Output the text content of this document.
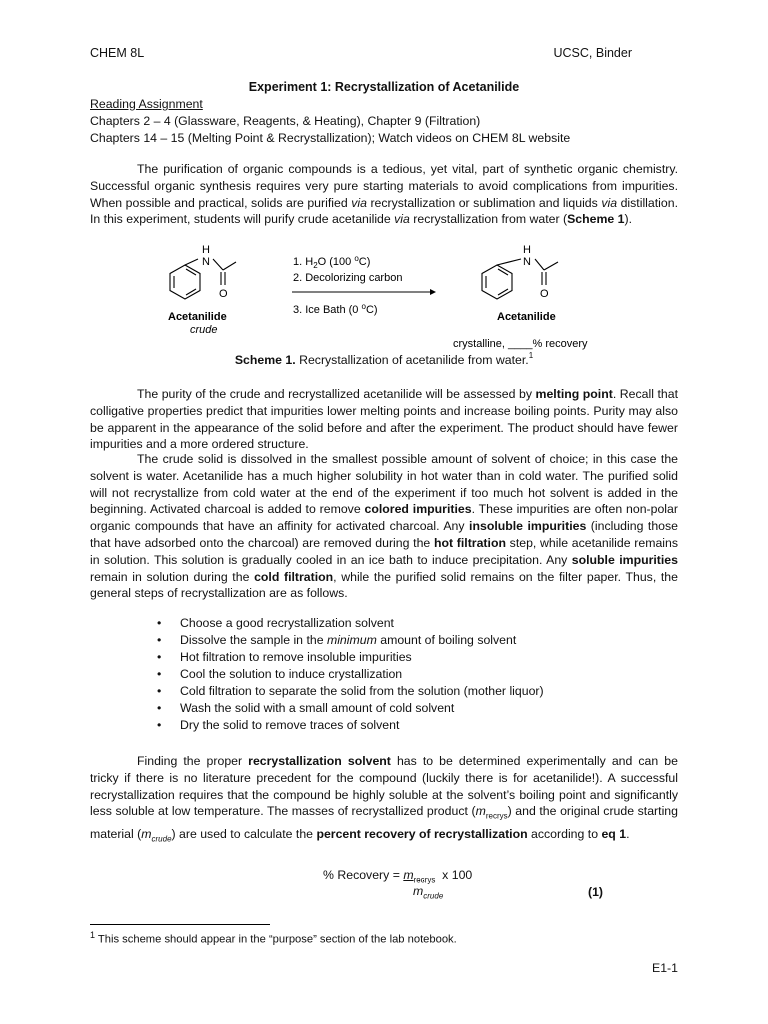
CHEM 8L	UCSC, Binder
Experiment 1: Recrystallization of Acetanilide
Reading Assignment
Chapters 2 – 4 (Glassware, Reagents, & Heating), Chapter 9 (Filtration)
Chapters 14 – 15 (Melting Point & Recrystallization); Watch videos on CHEM 8L website
The purification of organic compounds is a tedious, yet vital, part of synthetic organic chemistry. Successful organic synthesis requires very pure starting materials to avoid complications from impurities. When possible and practical, solids are purified via recrystallization or sublimation and liquids via distillation. In this experiment, students will purify crude acetanilide via recrystallization from water (Scheme 1).
H
N
O
Acetanilide
crude
1. $H_2O$ (100 $^o$C)
2. Decolorizing carbon
3. Ice Bath (0 $^o$C)
H
N
O
Acetanilide
crystalline, ____% recovery
Scheme 1. Recrystallization of acetanilide from water.$^1$
The purity of the crude and recrystallized acetanilide will be assessed by melting point. Recall that colligative properties predict that impurities lower melting points and increase boiling points. Purity may also be apparent in the appearance of the solid before and after the experiment. The product should have fewer impurities and a more ordered structure.
The crude solid is dissolved in the smallest possible amount of solvent of choice; in this case the solvent is water. Acetanilide has a much higher solubility in hot water than in cold water. The purified solid will not recrystallize from cold water at the end of the experiment if too much hot solvent is added in the beginning. Activated charcoal is added to remove colored impurities. These impurities are often non-polar organic compounds that have an affinity for activated charcoal. Any insoluble impurities (including those that have adsorbed onto the charcoal) are removed during the hot filtration step, while acetanilide remains in solution. This solution is gradually cooled in an ice bath to induce precipitation. Any soluble impurities remain in solution during the cold filtration, while the purified solid remains on the filter paper. Thus, the general steps of recrystallization are as follows.
• Choose a good recrystallization solvent
• Dissolve the sample in the minimum amount of boiling solvent
• Hot filtration to remove insoluble impurities
• Cool the solution to induce crystallization
• Cold filtration to separate the solid from the solution (mother liquor)
• Wash the solid with a small amount of cold solvent
• Dry the solid to remove traces of solvent
Finding the proper recrystallization solvent has to be determined experimentally and can be tricky if there is no literature precedent for the compound (luckily there is for acetanilide!). A successful recrystallization requires that the compound be highly soluble at the solvent’s boiling point and significantly less soluble at low temperature. The masses of recrystallized product $(m_{recrys})$ and the original crude starting material $(m_{crude})$ are used to calculate the percent recovery of recrystallization according to eq 1.
% Recovery = $m_{recrys}$  x 100
$m_{crude}$	(1)
$^1$ This scheme should appear in the “purpose” section of the lab notebook.
E1-1
